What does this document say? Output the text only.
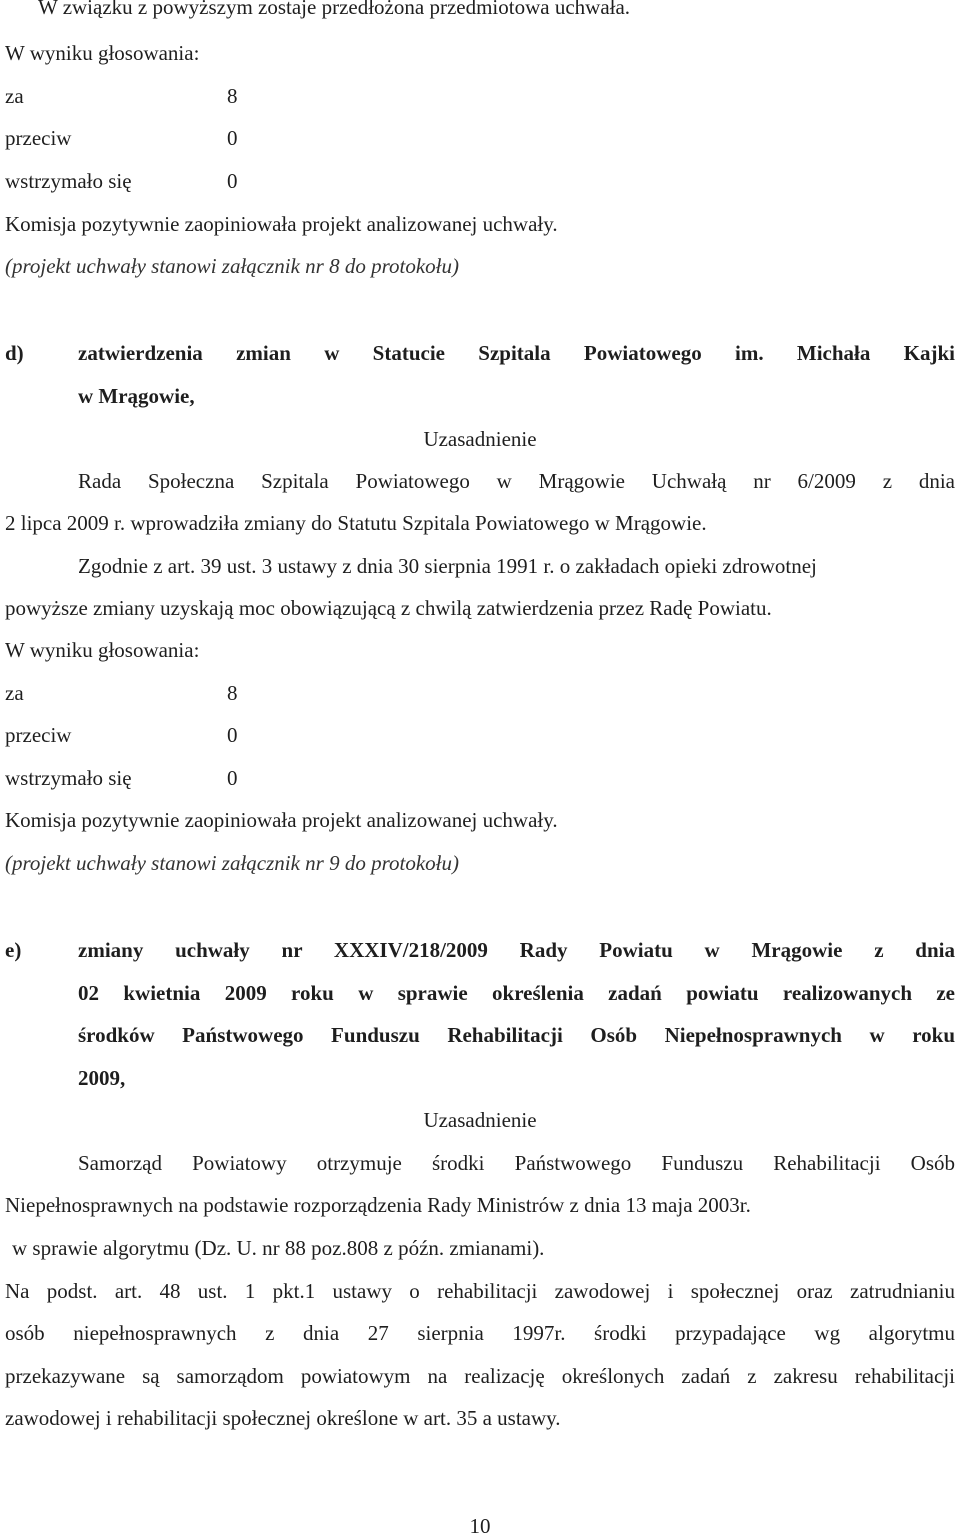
W związku z powyższym zostaje przedłożona przedmiotowa uchwała.
W wyniku głosowania:
za	8
przeciw	0
wstrzymało się	0
Komisja pozytywnie zaopiniowała projekt analizowanej uchwały.
(projekt uchwały stanowi załącznik nr 8 do protokołu)
d)	zatwierdzenia zmian w Statucie Szpitala Powiatowego im. Michała Kajki
w Mrągowie,
Uzasadnienie
Rada Społeczna Szpitala Powiatowego w Mrągowie Uchwałą nr 6/2009 z dnia
2 lipca 2009 r. wprowadziła zmiany do Statutu Szpitala Powiatowego w Mrągowie.
Zgodnie z art. 39 ust. 3 ustawy z dnia 30 sierpnia 1991 r. o zakładach opieki zdrowotnej
powyższe zmiany uzyskają moc obowiązującą z chwilą zatwierdzenia przez Radę Powiatu.
W wyniku głosowania:
za	8
przeciw	0
wstrzymało się	0
Komisja pozytywnie zaopiniowała projekt analizowanej uchwały.
(projekt uchwały stanowi załącznik nr 9 do protokołu)
e)	zmiany uchwały nr XXXIV/218/2009 Rady Powiatu w Mrągowie z dnia
02 kwietnia 2009 roku w sprawie określenia zadań powiatu realizowanych ze
środków Państwowego Funduszu Rehabilitacji Osób Niepełnosprawnych w roku
2009,
Uzasadnienie
Samorząd Powiatowy otrzymuje środki Państwowego Funduszu Rehabilitacji Osób
Niepełnosprawnych na podstawie rozporządzenia Rady Ministrów z dnia 13 maja 2003r.
w sprawie algorytmu (Dz. U. nr 88 poz.808 z późn. zmianami).
Na podst. art. 48 ust. 1 pkt.1 ustawy o rehabilitacji zawodowej i społecznej oraz zatrudnianiu
osób niepełnosprawnych z dnia 27 sierpnia 1997r. środki przypadające wg algorytmu
przekazywane są samorządom powiatowym na realizację określonych zadań z zakresu rehabilitacji
zawodowej i rehabilitacji społecznej określone w art. 35 a ustawy.
10
